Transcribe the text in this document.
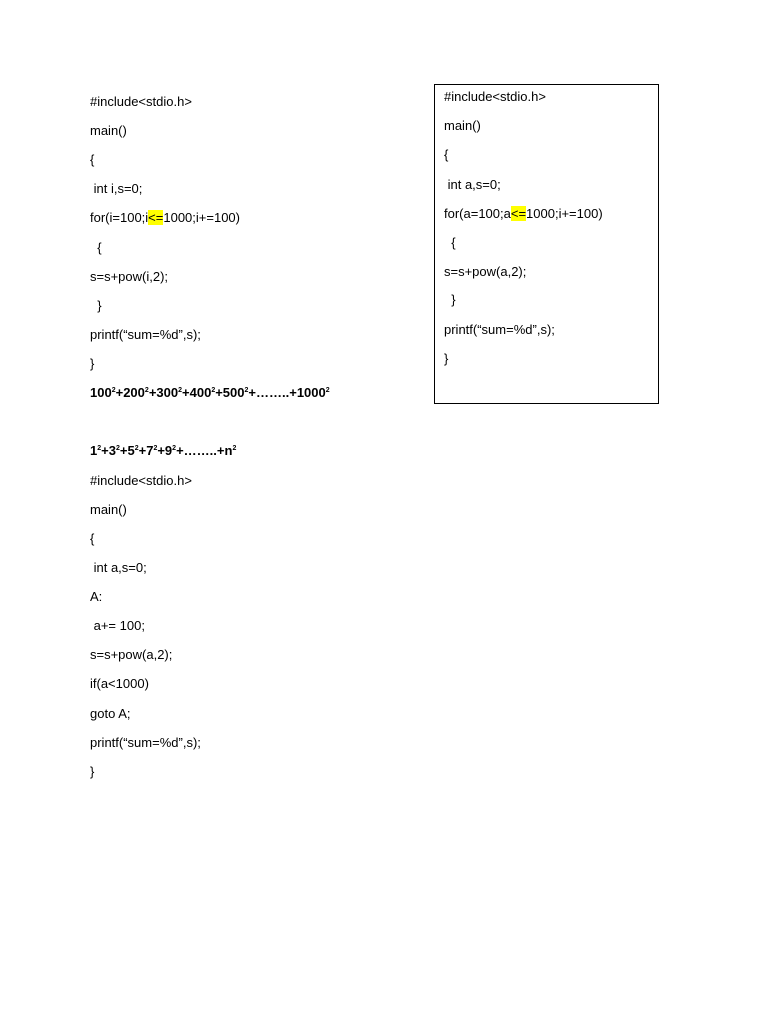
#include<stdio.h>
main()
{
int i,s=0;
for(i=100;i<=1000;i+=100)
{
s=s+pow(i,2);
}
printf(“sum=%d”,s);
}
$100^2+200^2+300^2+400^2+500^2+\dots\dots..+1000^2$
$1^2+3^2+5^2+7^2+9^2+\dots\dots..+n^2$
#include<stdio.h>
main()
{
int a,s=0;
A:
a+= 100;
s=s+pow(a,2);
if(a<1000)
goto A;
printf(“sum=%d”,s);
}
#include<stdio.h>
main()
{
int a,s=0;
for(a=100;a<=1000;i+=100)
{
s=s+pow(a,2);
}
printf(“sum=%d”,s);
}
